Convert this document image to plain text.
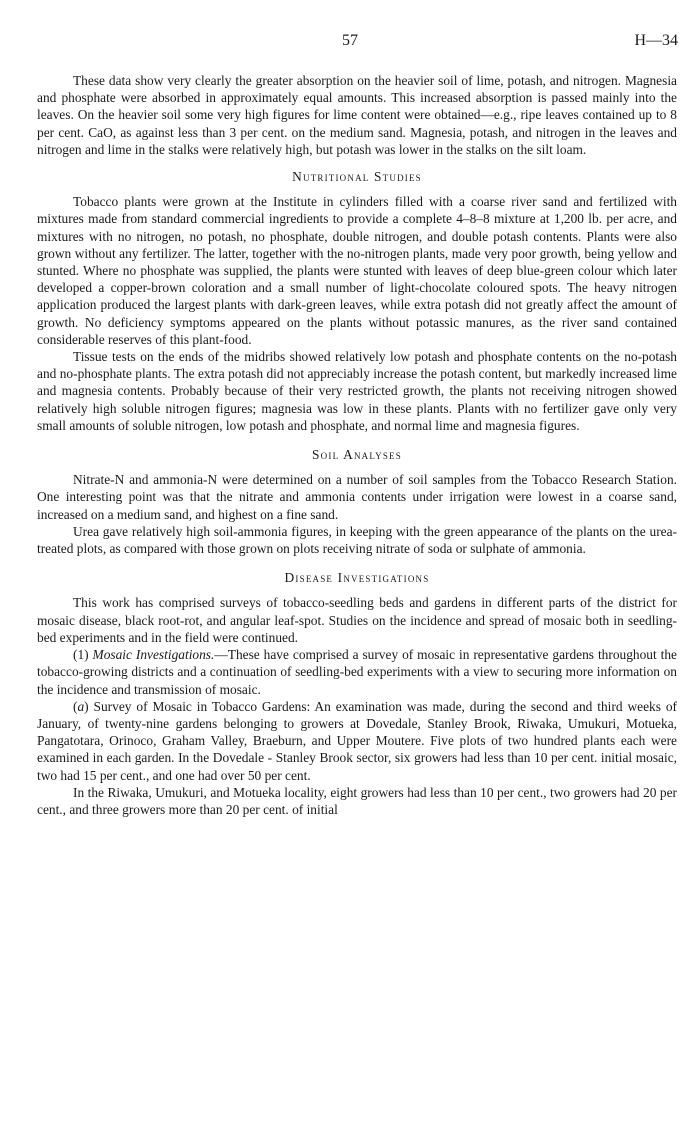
57	H—34

These data show very clearly the greater absorption on the heavier soil of lime, potash, and nitrogen. Magnesia and phosphate were absorbed in approximately equal amounts. This increased absorption is passed mainly into the leaves. On the heavier soil some very high figures for lime content were obtained—e.g., ripe leaves contained up to 8 per cent. CaO, as against less than 3 per cent. on the medium sand. Magnesia, potash, and nitrogen in the leaves and nitrogen and lime in the stalks were relatively high, but potash was lower in the stalks on the silt loam.

Nutritional Studies

Tobacco plants were grown at the Institute in cylinders filled with a coarse river sand and fertilized with mixtures made from standard commercial ingredients to provide a complete 4–8–8 mixture at 1,200 lb. per acre, and mixtures with no nitrogen, no potash, no phosphate, double nitrogen, and double potash contents. Plants were also grown without any fertilizer. The latter, together with the no-nitrogen plants, made very poor growth, being yellow and stunted. Where no phosphate was supplied, the plants were stunted with leaves of deep blue-green colour which later developed a copper-brown coloration and a small number of light-chocolate coloured spots. The heavy nitrogen application produced the largest plants with dark-green leaves, while extra potash did not greatly affect the amount of growth. No deficiency symptoms appeared on the plants without potassic manures, as the river sand contained considerable reserves of this plant-food.

Tissue tests on the ends of the midribs showed relatively low potash and phosphate contents on the no-potash and no-phosphate plants. The extra potash did not appreciably increase the potash content, but markedly increased lime and magnesia contents. Probably because of their very restricted growth, the plants not receiving nitrogen showed relatively high soluble nitrogen figures; magnesia was low in these plants. Plants with no fertilizer gave only very small amounts of soluble nitrogen, low potash and phosphate, and normal lime and magnesia figures.

Soil Analyses

Nitrate-N and ammonia-N were determined on a number of soil samples from the Tobacco Research Station. One interesting point was that the nitrate and ammonia contents under irrigation were lowest in a coarse sand, increased on a medium sand, and highest on a fine sand.

Urea gave relatively high soil-ammonia figures, in keeping with the green appearance of the plants on the urea-treated plots, as compared with those grown on plots receiving nitrate of soda or sulphate of ammonia.

Disease Investigations

This work has comprised surveys of tobacco-seedling beds and gardens in different parts of the district for mosaic disease, black root-rot, and angular leaf-spot. Studies on the incidence and spread of mosaic both in seedling-bed experiments and in the field were continued.

(1) Mosaic Investigations.—These have comprised a survey of mosaic in representative gardens throughout the tobacco-growing districts and a continuation of seedling-bed experiments with a view to securing more information on the incidence and transmission of mosaic.

(a) Survey of Mosaic in Tobacco Gardens: An examination was made, during the second and third weeks of January, of twenty-nine gardens belonging to growers at Dovedale, Stanley Brook, Riwaka, Umukuri, Motueka, Pangatotara, Orinoco, Graham Valley, Braeburn, and Upper Moutere. Five plots of two hundred plants each were examined in each garden. In the Dovedale - Stanley Brook sector, six growers had less than 10 per cent. initial mosaic, two had 15 per cent., and one had over 50 per cent.

In the Riwaka, Umukuri, and Motueka locality, eight growers had less than 10 per cent., two growers had 20 per cent., and three growers more than 20 per cent. of initial
